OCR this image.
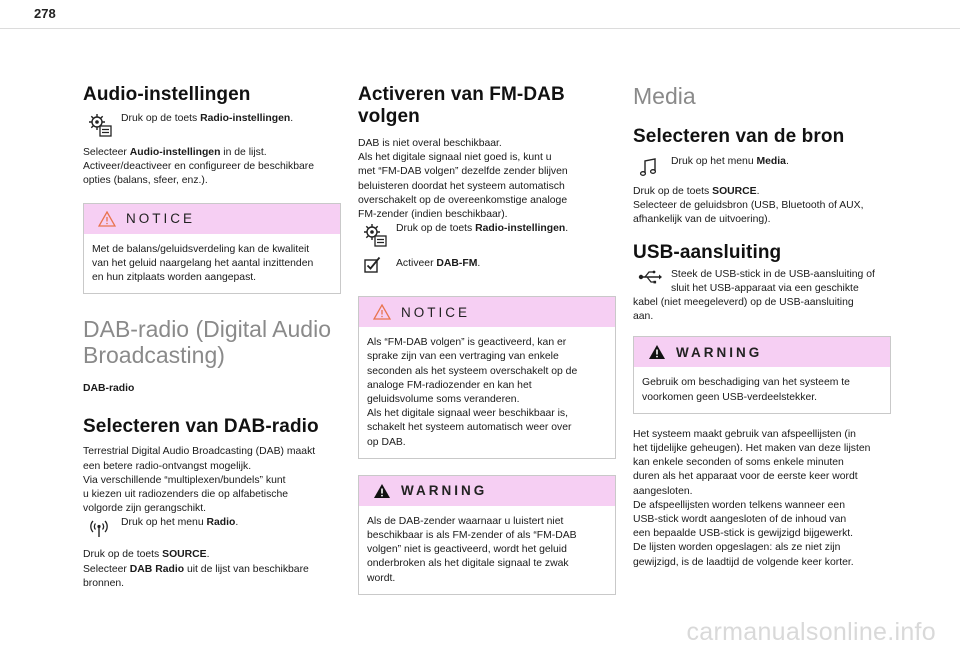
278
Audio-instellingen

Druk op de toets Radio-instellingen.

Selecteer Audio-instellingen in de lijst.
Activeer/deactiveer en configureer de beschikbare
opties (balans, sfeer, enz.).

NOTICE

Met de balans/geluidsverdeling kan de kwaliteit
van het geluid naargelang het aantal inzittenden
en hun zitplaats worden aangepast.

DAB-radio (Digital Audio
Broadcasting)

DAB-radio

Selecteren van DAB-radio

Terrestrial Digital Audio Broadcasting (DAB) maakt
een betere radio-ontvangst mogelijk.
Via verschillende “multiplexen/bundels” kunt
u kiezen uit radiozenders die op alfabetische
volgorde zijn gerangschikt.

Druk op het menu Radio.

Druk op de toets SOURCE.
Selecteer DAB Radio uit de lijst van beschikbare
bronnen.

Activeren van FM-DAB volgen

DAB is niet overal beschikbaar.
Als het digitale signaal niet goed is, kunt u
met “FM-DAB volgen” dezelfde zender blijven
beluisteren doordat het systeem automatisch
overschakelt op de overeenkomstige analoge
FM-zender (indien beschikbaar).

Druk op de toets Radio-instellingen.

Activeer DAB-FM.

NOTICE

Als “FM-DAB volgen” is geactiveerd, kan er
sprake zijn van een vertraging van enkele
seconden als het systeem overschakelt op de
analoge FM-radiozender en kan het
geluidsvolume soms veranderen.
Als het digitale signaal weer beschikbaar is,
schakelt het systeem automatisch weer over
op DAB.

WARNING

Als de DAB-zender waarnaar u luistert niet
beschikbaar is als FM-zender of als “FM-DAB
volgen” niet is geactiveerd, wordt het geluid
onderbroken als het digitale signaal te zwak
wordt.

Media
Selecteren van de bron

Druk op het menu Media.

Druk op de toets SOURCE.
Selecteer de geluidsbron (USB, Bluetooth of AUX,
afhankelijk van de uitvoering).

USB-aansluiting

Steek de USB-stick in de USB-aansluiting of
sluit het USB-apparaat via een geschikte

kabel (niet meegeleverd) op de USB-aansluiting
aan.

WARNING

Gebruik om beschadiging van het systeem te
voorkomen geen USB-verdeelstekker.

Het systeem maakt gebruik van afspeellijsten (in
het tijdelijke geheugen). Het maken van deze lijsten
kan enkele seconden of soms enkele minuten
duren als het apparaat voor de eerste keer wordt
aangesloten.
De afspeellijsten worden telkens wanneer een
USB-stick wordt aangesloten of de inhoud van
een bepaalde USB-stick is gewijzigd bijgewerkt.
De lijsten worden opgeslagen: als ze niet zijn
gewijzigd, is de laadtijd de volgende keer korter.

carmanualsonline.info
